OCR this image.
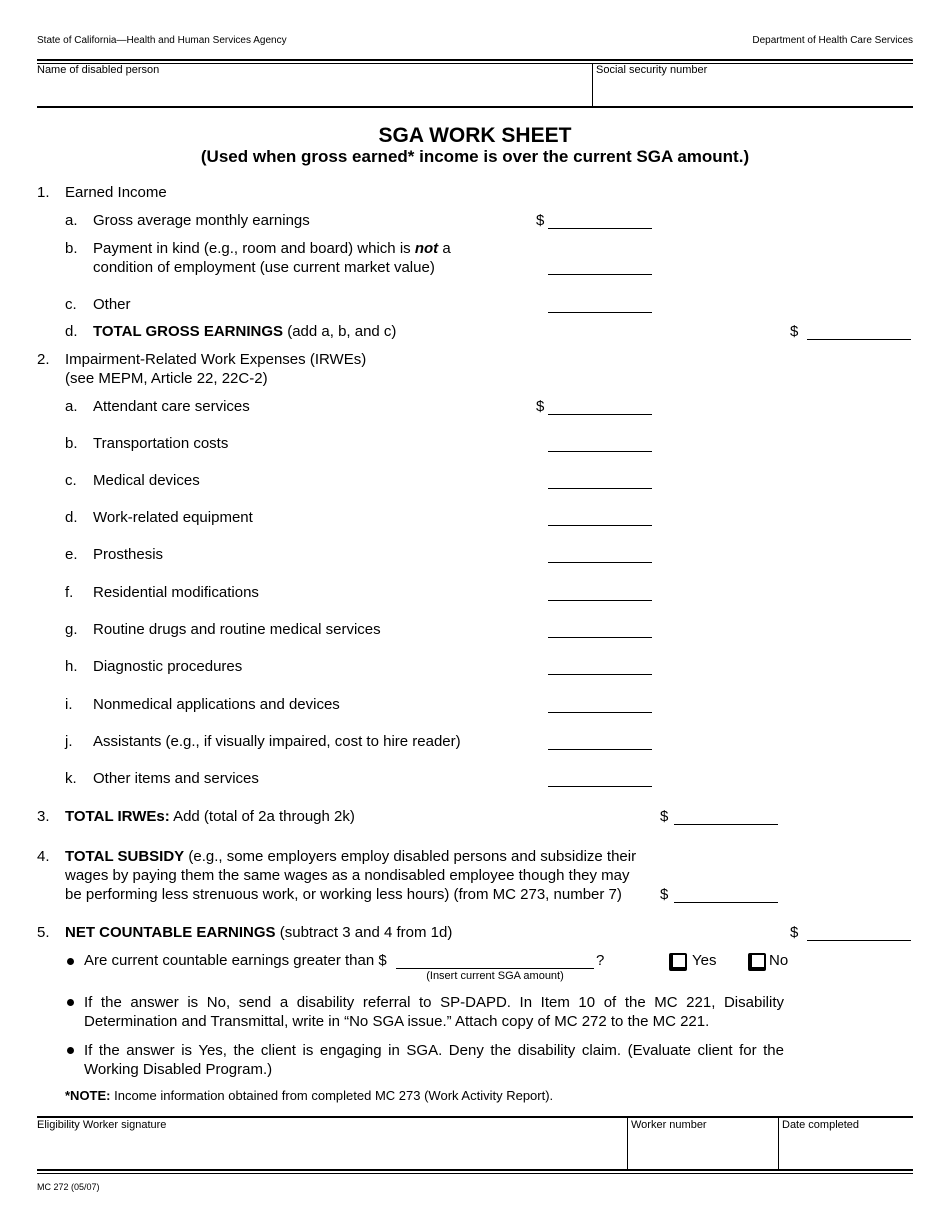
State of California—Health and Human Services Agency	Department of Health Care Services
Name of disabled person	Social security number
SGA WORK SHEET
(Used when gross earned* income is over the current SGA amount.)
1. Earned Income
a. Gross average monthly earnings	$
b. Payment in kind (e.g., room and board) which is not a
condition of employment (use current market value)
c. Other
d. TOTAL GROSS EARNINGS (add a, b, and c)	$
2. Impairment-Related Work Expenses (IRWEs)
(see MEPM, Article 22, 22C-2)
a. Attendant care services	$
b. Transportation costs
c. Medical devices
d. Work-related equipment
e. Prosthesis
f. Residential modifications
g. Routine drugs and routine medical services
h. Diagnostic procedures
i. Nonmedical applications and devices
j. Assistants (e.g., if visually impaired, cost to hire reader)
k. Other items and services
3. TOTAL IRWEs: Add (total of 2a through 2k)	$
4. TOTAL SUBSIDY (e.g., some employers employ disabled persons and subsidize their
wages by paying them the same wages as a nondisabled employee though they may
be performing less strenuous work, or working less hours) (from MC 273, number 7)	$
5. NET COUNTABLE EARNINGS (subtract 3 and 4 from 1d)	$
Are current countable earnings greater than $	?
(Insert current SGA amount)
Yes	No
If the answer is No, send a disability referral to SP-DAPD. In Item 10 of the MC 221, Disability Determination and Transmittal, write in “No SGA issue.” Attach copy of MC 272 to the MC 221.
If the answer is Yes, the client is engaging in SGA. Deny the disability claim. (Evaluate client for the Working Disabled Program.)
*NOTE: Income information obtained from completed MC 273 (Work Activity Report).
Eligibility Worker signature	Worker number	Date completed
MC 272 (05/07)
